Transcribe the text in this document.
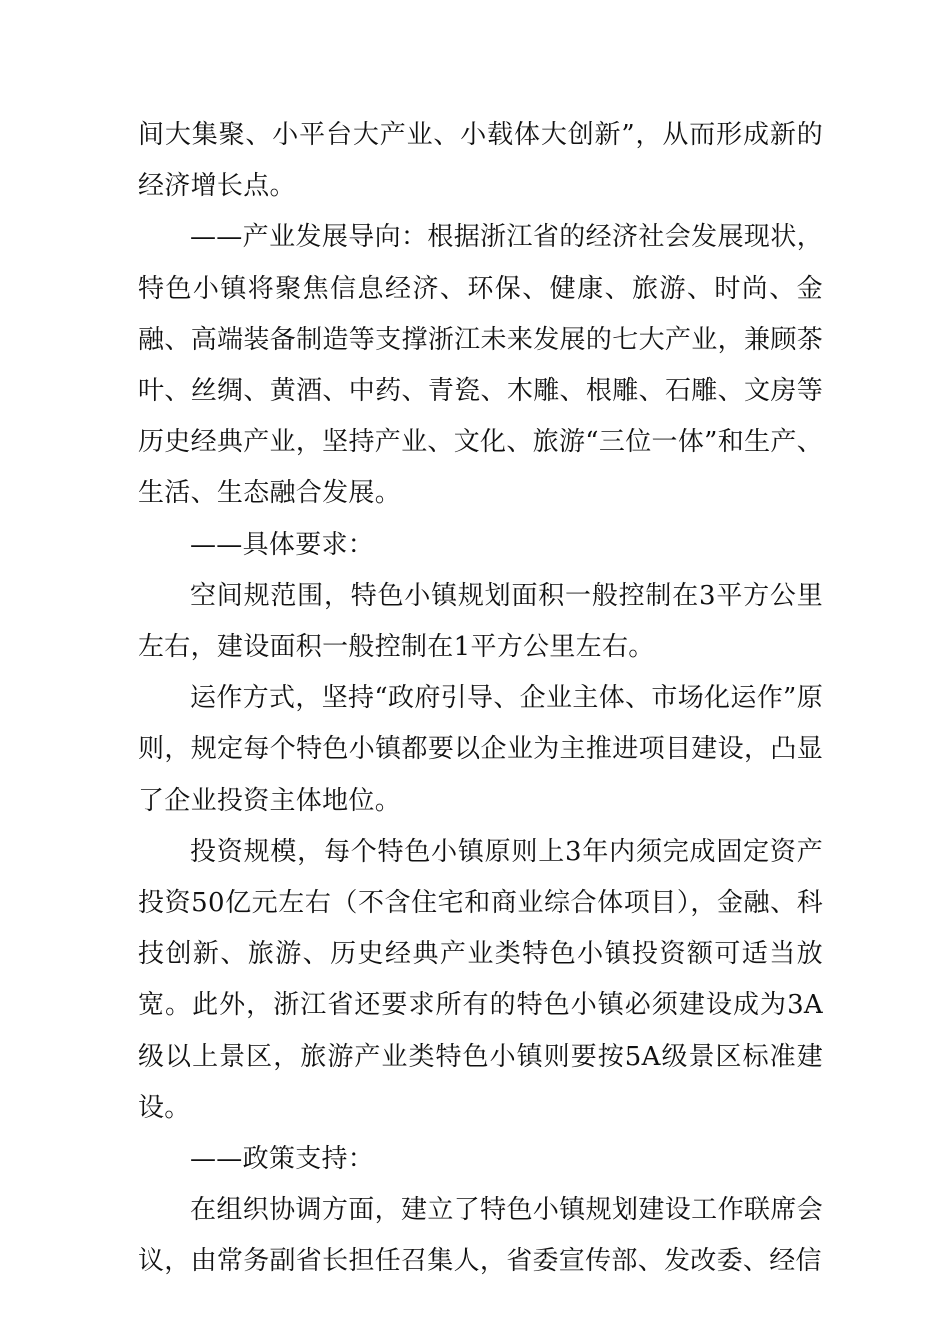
间大集聚、小平台大产业、小载体大创新”，从而形成新的经济增长点。

——产业发展导向：根据浙江省的经济社会发展现状，特色小镇将聚焦信息经济、环保、健康、旅游、时尚、金融、高端装备制造等支撑浙江未来发展的七大产业，兼顾茶叶、丝绸、黄酒、中药、青瓷、木雕、根雕、石雕、文房等历史经典产业，坚持产业、文化、旅游“三位一体”和生产、生活、生态融合发展。

——具体要求：

空间规范围，特色小镇规划面积一般控制在3平方公里左右，建设面积一般控制在1平方公里左右。

运作方式，坚持“政府引导、企业主体、市场化运作”原则，规定每个特色小镇都要以企业为主推进项目建设，凸显了企业投资主体地位。

投资规模，每个特色小镇原则上3年内须完成固定资产投资50亿元左右（不含住宅和商业综合体项目），金融、科技创新、旅游、历史经典产业类特色小镇投资额可适当放宽。此外，浙江省还要求所有的特色小镇必须建设成为3A级以上景区，旅游产业类特色小镇则要按5A级景区标准建设。

——政策支持：

在组织协调方面，建立了特色小镇规划建设工作联席会议，由常务副省长担任召集人，省委宣传部、发改委、经信
